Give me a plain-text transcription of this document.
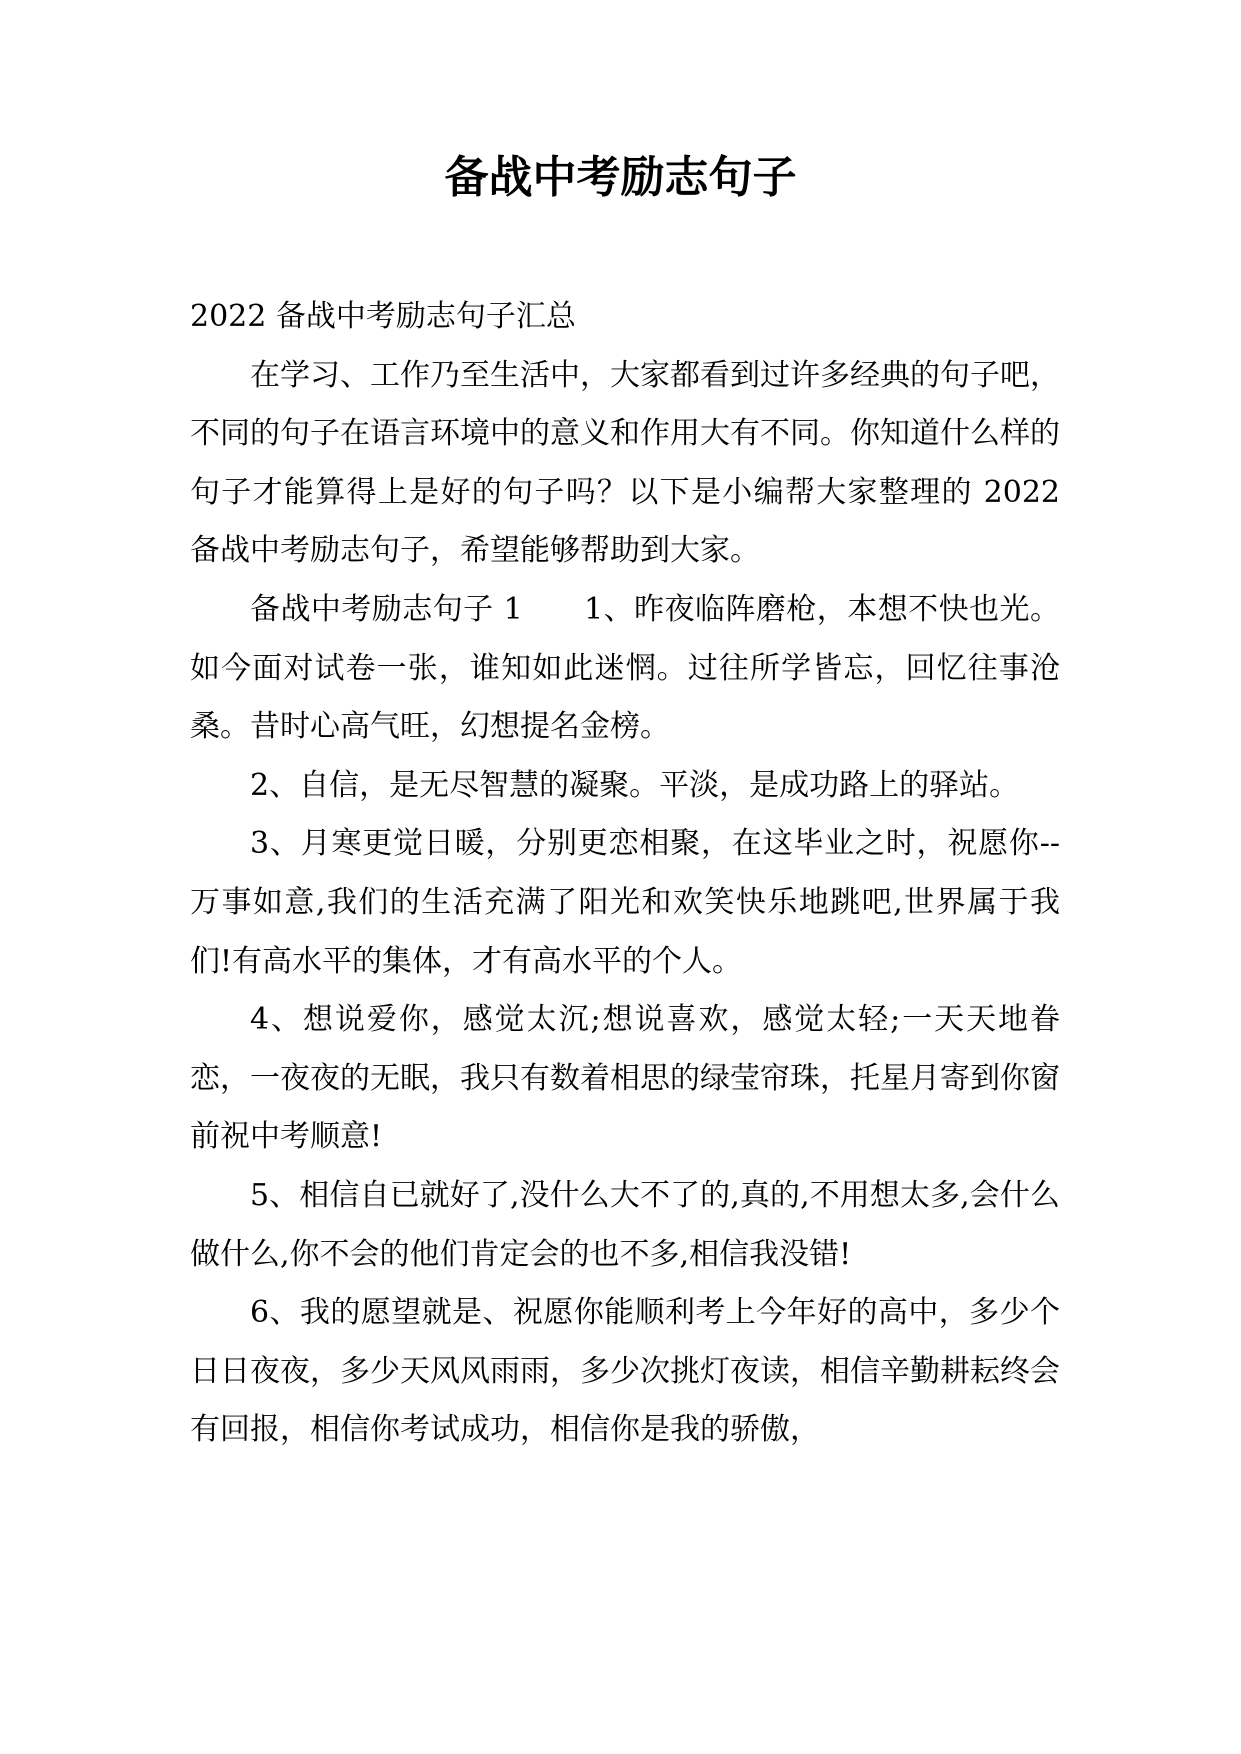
备战中考励志句子

2022 备战中考励志句子汇总

在学习、工作乃至生活中，大家都看到过许多经典的句子吧，不同的句子在语言环境中的意义和作用大有不同。你知道什么样的句子才能算得上是好的句子吗？以下是小编帮大家整理的 2022 备战中考励志句子，希望能够帮助到大家。

备战中考励志句子 1　　1、昨夜临阵磨枪，本想不快也光。如今面对试卷一张，谁知如此迷惘。过往所学皆忘，回忆往事沧桑。昔时心高气旺，幻想提名金榜。

2、自信，是无尽智慧的凝聚。平淡，是成功路上的驿站。

3、月寒更觉日暖，分别更恋相聚，在这毕业之时，祝愿你--万事如意,我们的生活充满了阳光和欢笑快乐地跳吧,世界属于我们!有高水平的集体，才有高水平的个人。

4、想说爱你，感觉太沉;想说喜欢，感觉太轻;一天天地眷恋，一夜夜的无眠，我只有数着相思的绿莹帘珠，托星月寄到你窗前祝中考顺意!

5、相信自已就好了,没什么大不了的,真的,不用想太多,会什么做什么,你不会的他们肯定会的也不多,相信我没错!

6、我的愿望就是、祝愿你能顺利考上今年好的高中，多少个日日夜夜，多少天风风雨雨，多少次挑灯夜读，相信辛勤耕耘终会有回报，相信你考试成功，相信你是我的骄傲，
